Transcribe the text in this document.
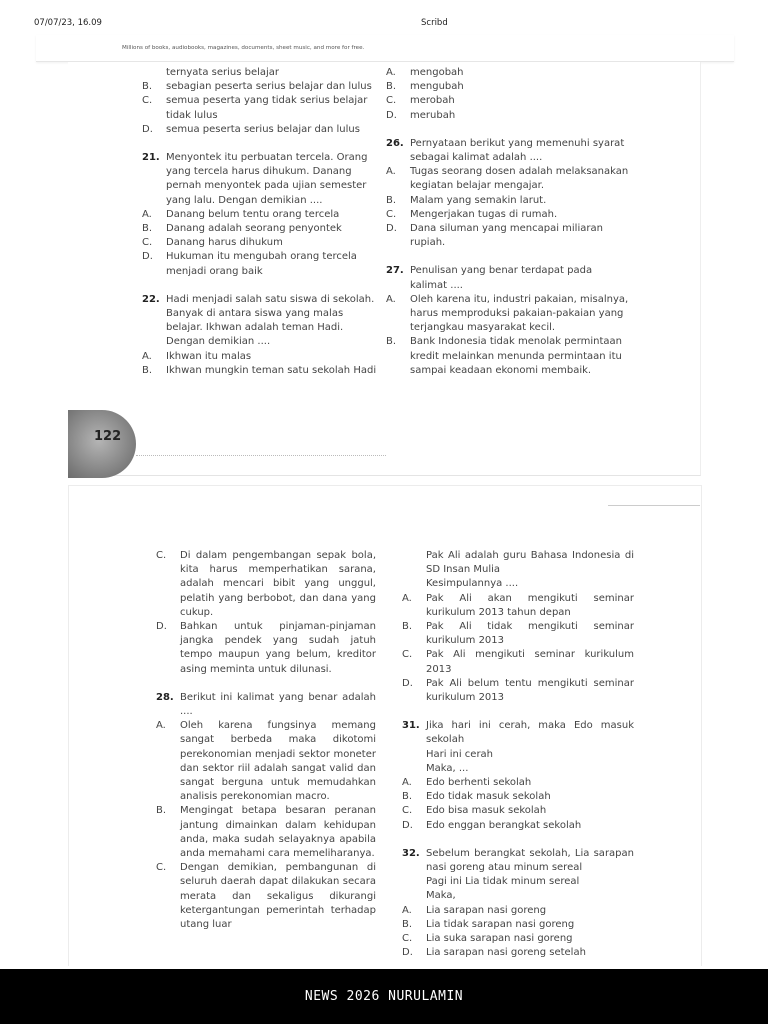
07/07/23, 16.09	Scribd
Millions of books, audiobooks, magazines, documents, sheet music, and more for free.
ternyata serius belajar
B. sebagian peserta serius belajar dan lulus
C. semua peserta yang tidak serius belajar tidak lulus
D. semua peserta serius belajar dan lulus
21. Menyontek itu perbuatan tercela. Orang yang tercela harus dihukum. Danang pernah menyontek pada ujian semester yang lalu. Dengan demikian ....
A. Danang belum tentu orang tercela
B. Danang adalah seorang penyontek
C. Danang harus dihukum
D. Hukuman itu mengubah orang tercela menjadi orang baik
22. Hadi menjadi salah satu siswa di sekolah. Banyak di antara siswa yang malas belajar. Ikhwan adalah teman Hadi. Dengan demikian ....
A. Ikhwan itu malas
B. Ikhwan mungkin teman satu sekolah Hadi
A. mengobah
B. mengubah
C. merobah
D. merubah
26. Pernyataan berikut yang memenuhi syarat sebagai kalimat adalah ....
A. Tugas seorang dosen adalah melaksanakan kegiatan belajar mengajar.
B. Malam yang semakin larut.
C. Mengerjakan tugas di rumah.
D. Dana siluman yang mencapai miliaran rupiah.
27. Penulisan yang benar terdapat pada kalimat ....
A. Oleh karena itu, industri pakaian, misalnya, harus memproduksi pakaian-pakaian yang terjangkau masyarakat kecil.
B. Bank Indonesia tidak menolak permintaan kredit melainkan menunda permintaan itu sampai keadaan ekonomi membaik.
122
C. Di dalam pengembangan sepak bola, kita harus memperhatikan sarana, adalah mencari bibit yang unggul, pelatih yang berbobot, dan dana yang cukup.
D. Bahkan untuk pinjaman-pinjaman jangka pendek yang sudah jatuh tempo maupun yang belum, kreditor asing meminta untuk dilunasi.
28. Berikut ini kalimat yang benar adalah ....
A. Oleh karena fungsinya memang sangat berbeda maka dikotomi perekonomian menjadi sektor moneter dan sektor riil adalah sangat valid dan sangat berguna untuk memudahkan analisis perekonomian macro.
B. Mengingat betapa besaran peranan jantung dimainkan dalam kehidupan anda, maka sudah selayaknya apabila anda memahami cara memeliharanya.
C. Dengan demikian, pembangunan di seluruh daerah dapat dilakukan secara merata dan sekaligus dikurangi ketergantungan pemerintah terhadap utang luar
Pak Ali adalah guru Bahasa Indonesia di SD Insan Mulia
Kesimpulannya ....
A. Pak Ali akan mengikuti seminar kurikulum 2013 tahun depan
B. Pak Ali tidak mengikuti seminar kurikulum 2013
C. Pak Ali mengikuti seminar kurikulum 2013
D. Pak Ali belum tentu mengikuti seminar kurikulum 2013
31. Jika hari ini cerah, maka Edo masuk sekolah
Hari ini cerah
Maka, ...
A. Edo berhenti sekolah
B. Edo tidak masuk sekolah
C. Edo bisa masuk sekolah
D. Edo enggan berangkat sekolah
32. Sebelum berangkat sekolah, Lia sarapan nasi goreng atau minum sereal
Pagi ini Lia tidak minum sereal
Maka,
A. Lia sarapan nasi goreng
B. Lia tidak sarapan nasi goreng
C. Lia suka sarapan nasi goreng
D. Lia sarapan nasi goreng setelah
NEWS 2026 NURULAMIN
